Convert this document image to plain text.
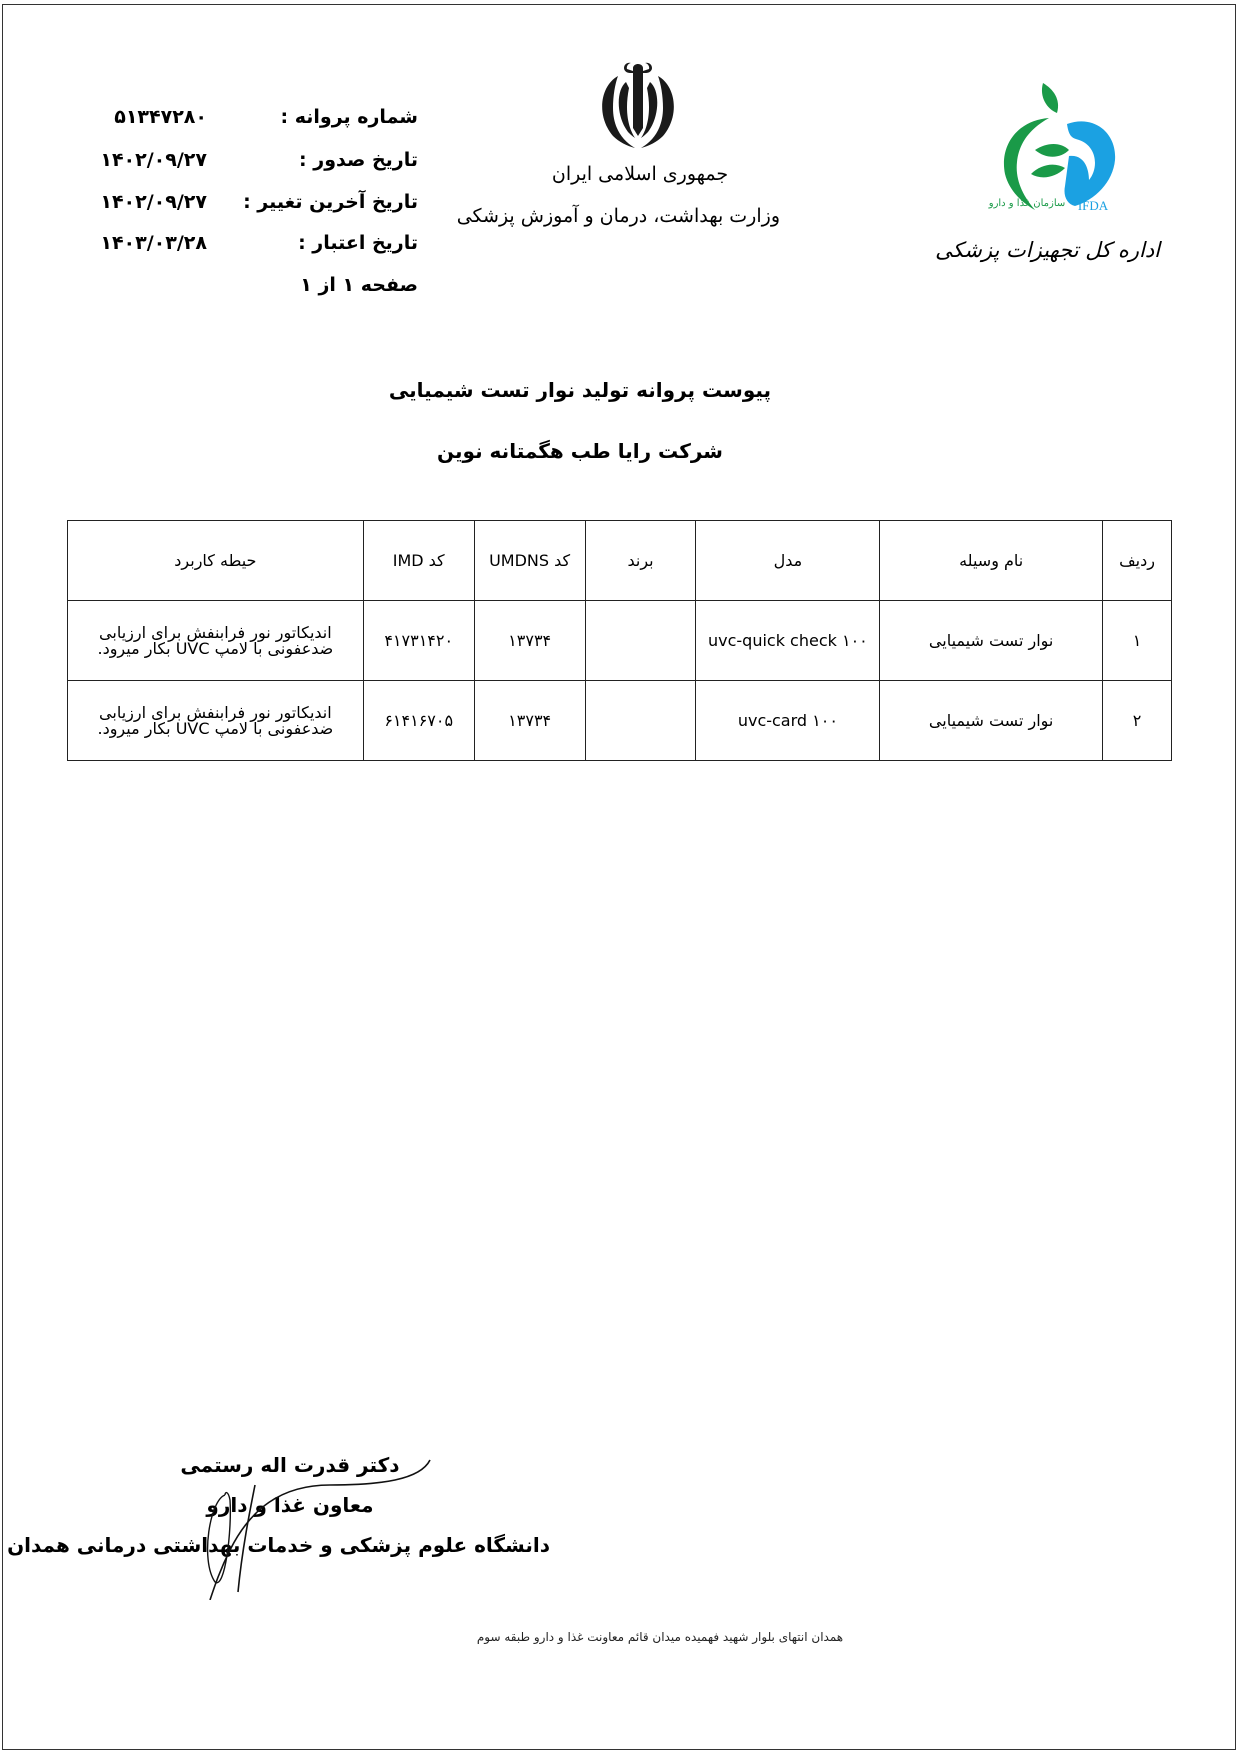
شماره پروانه :
۵۱۳۴۷۲۸۰
تاریخ صدور :
۱۴۰۲/۰۹/۲۷
تاریخ آخرین تغییر :
۱۴۰۲/۰۹/۲۷
تاریخ اعتبار :
۱۴۰۳/۰۳/۲۸
صفحه ۱ از ۱
جمهوری اسلامی ایران
وزارت بهداشت، درمان و آموزش پزشکی	IFDA
سازمان غذا و دارو
اداره کل تجهیزات پزشکی
پیوست پروانه تولید نوار تست شیمیایی
شرکت رایا طب هگمتانه نوین
ردیف	نام وسیله	مدل	برند	کد UMDNS	کد IMD	حیطه کاربرد
۱	نوار تست شیمیایی	uvc-quick check ۱۰۰		۱۳۷۳۴	۴۱۷۳۱۴۲۰	اندیکاتور نور فرابنفش برای ارزیابی
ضدعفونی با لامپ UVC بکار میرود.

۲	نوار تست شیمیایی	uvc-card ۱۰۰		۱۳۷۳۴	۶۱۴۱۶۷۰۵	اندیکاتور نور فرابنفش برای ارزیابی
ضدعفونی با لامپ UVC بکار میرود.
دکتر قدرت اله رستمی
معاون غذا و دارو
دانشگاه علوم پزشکی و خدمات بهداشتی درمانی همدان
همدان انتهای بلوار شهید فهمیده میدان قائم معاونت غذا و دارو طبقه سوم
